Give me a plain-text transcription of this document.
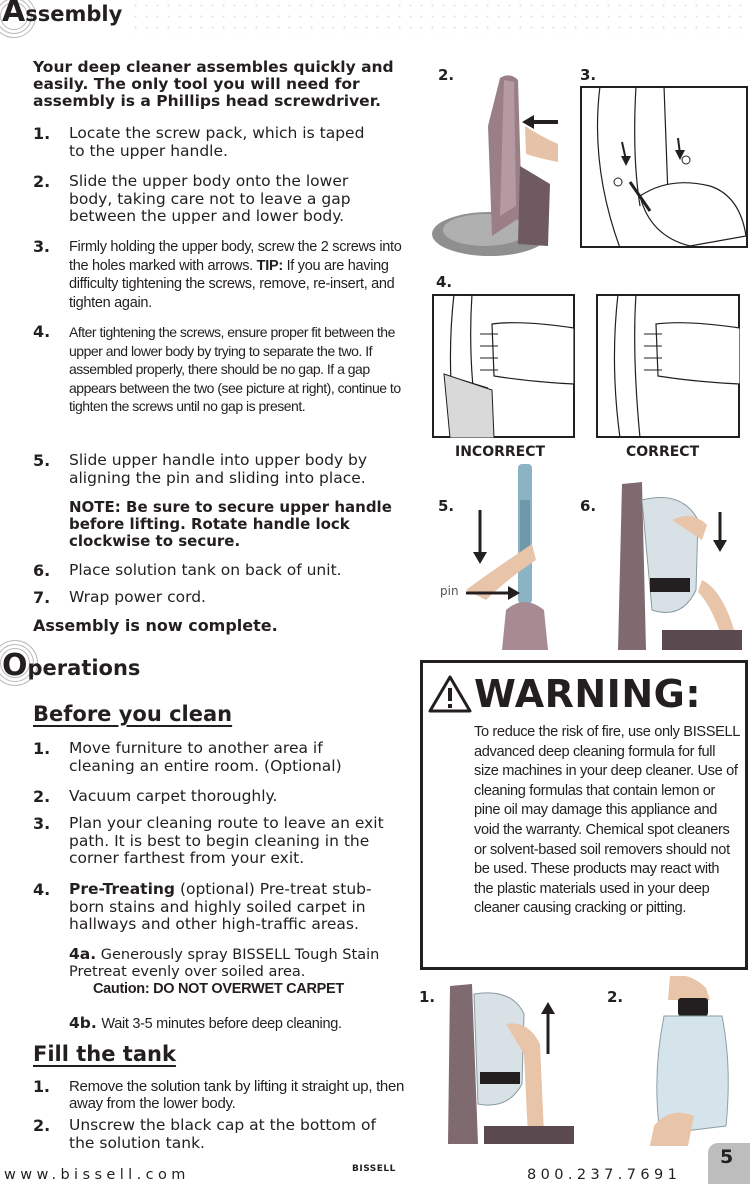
Assembly
Your deep cleaner assembles quickly and easily. The only tool you will need for assembly is a Phillips head screwdriver.
1. Locate the screw pack, which is taped to the upper handle.
2. Slide the upper body onto the lower body, taking care not to leave a gap between the upper and lower body.
3. Firmly holding the upper body, screw the 2 screws into the holes marked with arrows. TIP: If you are having difficulty tightening the screws, remove, re-insert, and tighten again.
4. After tightening the screws, ensure proper fit between the upper and lower body by trying to separate the two. If assembled properly, there should be no gap. If a gap appears between the two (see picture at right), continue to tighten the screws until no gap is present.
5. Slide upper handle into upper body by aligning the pin and sliding into place.
NOTE: Be sure to secure upper handle before lifting. Rotate handle lock clockwise to secure.
6. Place solution tank on back of unit.
7. Wrap power cord.
Assembly is now complete.
2.	3.
4.
INCORRECT	CORRECT
5.	6.
pin
Operations
Before you clean
1. Move furniture to another area if cleaning an entire room. (Optional)
2. Vacuum carpet thoroughly.
3. Plan your cleaning route to leave an exit path. It is best to begin cleaning in the corner farthest from your exit.
4. Pre-Treating (optional) Pre-treat stub-born stains and highly soiled carpet in hallways and other high-traffic areas.
4a. Generously spray BISSELL Tough Stain Pretreat evenly over soiled area.
Caution: DO NOT OVERWET CARPET
4b. Wait 3-5 minutes before deep cleaning.
Fill the tank
1. Remove the solution tank by lifting it straight up, then away from the lower body.
2. Unscrew the black cap at the bottom of the solution tank.
WARNING:
To reduce the risk of fire, use only BISSELL advanced deep cleaning formula for full size machines in your deep cleaner. Use of cleaning formulas that contain lemon or pine oil may damage this appliance and void the warranty. Chemical spot cleaners or solvent-based soil removers should not be used. These products may react with the plastic materials used in your deep cleaner causing cracking or pitting.
1.	2.
www.bissell.com	BISSELL	800.237.7691
5
